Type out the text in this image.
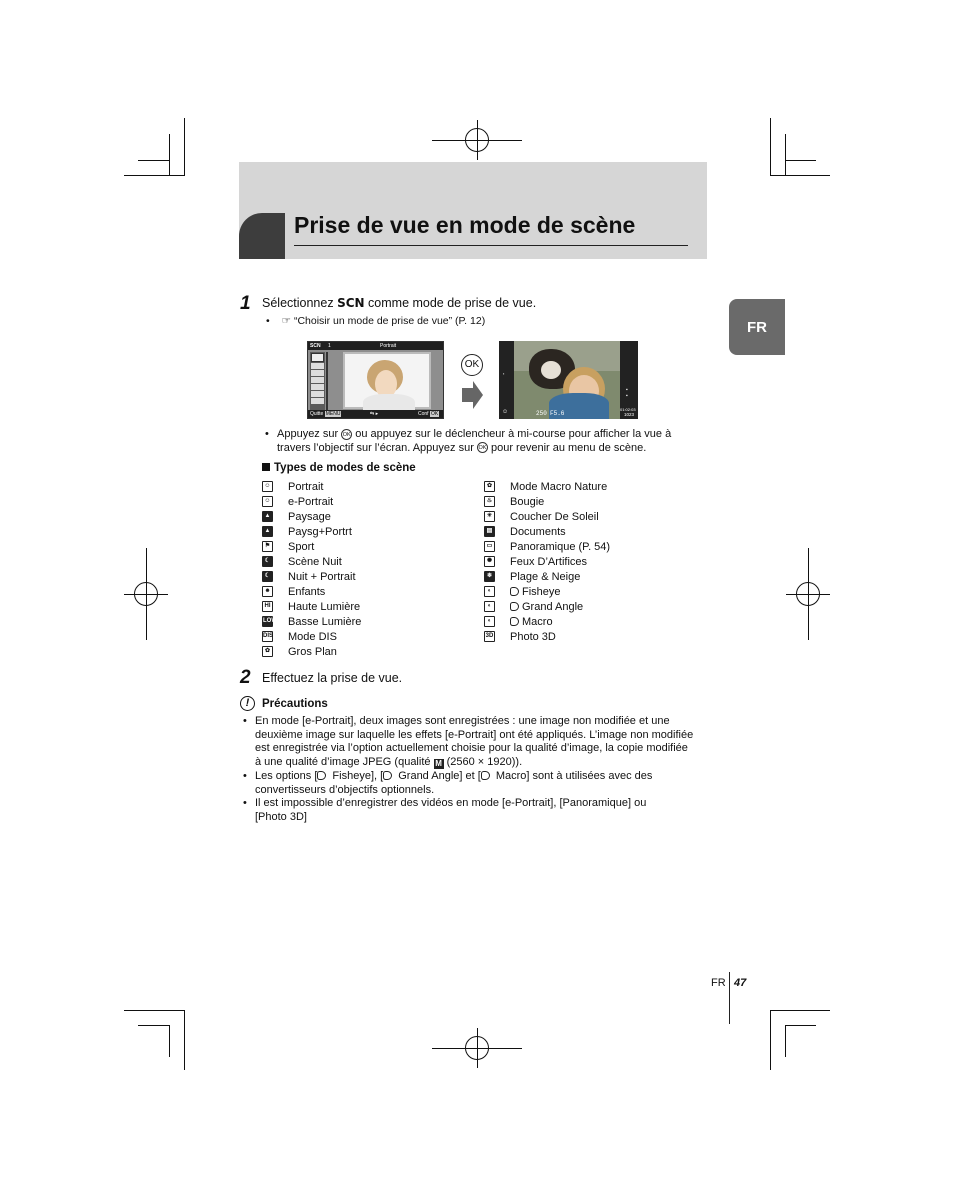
Prise de vue en mode de scène
FR
1 Sélectionnez SCN comme mode de prise de vue.
• ☞ “Choisir un mode de prise de vue” (P. 12)
SCN 1	Portrait
Quitte MENU	⇆ ▸	Conf OK
OK
▪
▪
▪
☺	250 F5.6
01:02:03
1023
• Appuyez sur OK ou appuyez sur le déclencheur à mi-course pour afficher la vue à
travers l’objectif sur l’écran. Appuyez sur OK pour revenir au menu de scène.
Types de modes de scène
☺ Portrait
☺ e-Portrait
▲ Paysage
▲ Paysg+Portrt
⚑ Sport
☾ Scène Nuit
☾ Nuit + Portrait
☻ Enfants
HI Haute Lumière
LOW Basse Lumière
DIS Mode DIS
✿ Gros Plan
✿ Mode Macro Nature
♨ Bougie
☀ Coucher De Soleil
▤ Documents
▭ Panoramique (P. 54)
✺ Feux D’Artifices
❄ Plage & Neige
◐	Fisheye
◐	Grand Angle
◐	Macro
3D Photo 3D
2 Effectuez la prise de vue.
!	Précautions
• En mode [e-Portrait], deux images sont enregistrées : une image non modifiée et une
deuxième image sur laquelle les effets [e-Portrait] ont été appliqués. L’image non modifiée
est enregistrée via l’option actuellement choisie pour la qualité d’image, la copie modifiée
à une qualité d’image JPEG (qualité M (2560 × 1920)).
• Les options [ Fisheye], [ Grand Angle] et [ Macro] sont à utilisées avec des
convertisseurs d’objectifs optionnels.
• Il est impossible d’enregistrer des vidéos en mode [e-Portrait], [Panoramique] ou
[Photo 3D]
FR 47
